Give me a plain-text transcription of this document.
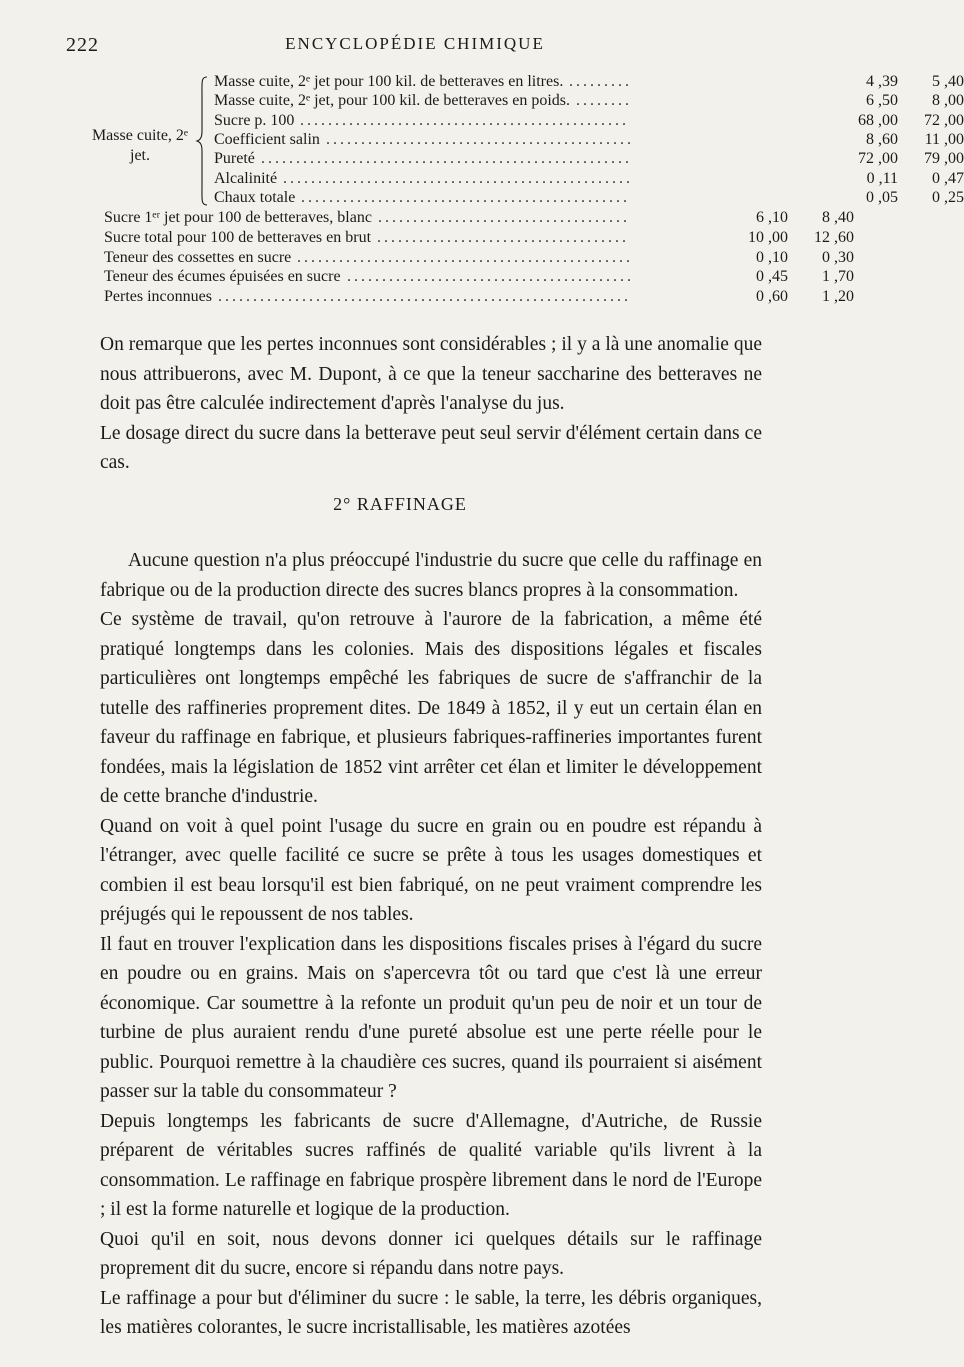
222	ENCYCLOPÉDIE CHIMIQUE
Masse cuite, 2ᵉ jet.
Masse cuite, 2ᵉ jet pour 100 kil. de betteraves en litres. .........	4 ,39	5 ,40
Masse cuite, 2ᵉ jet, pour 100 kil. de betteraves en poids. ........	6 ,50	8 ,00
Sucre p. 100 ...............................................	68 ,00	72 ,00
Coefficient salin ............................................	8 ,60	11 ,00
Pureté .....................................................	72 ,00	79 ,00
Alcalinité ..................................................	0 ,11	0 ,47
Chaux totale ...............................................	0 ,05	0 ,25
Sucre 1ᵉʳ jet pour 100 de betteraves, blanc ....................................	6 ,10	8 ,40
Sucre total pour 100 de betteraves en brut ....................................	10 ,00	12 ,60
Teneur des cossettes en sucre ................................................	0 ,10	0 ,30
Teneur des écumes épuisées en sucre .........................................	0 ,45	1 ,70
Pertes inconnues ...........................................................	0 ,60	1 ,20

On remarque que les pertes inconnues sont considérables ; il y a là une anomalie que nous attribuerons, avec M. Dupont, à ce que la teneur saccharine des betteraves ne doit pas être calculée indirectement d'après l'analyse du jus.

Le dosage direct du sucre dans la betterave peut seul servir d'élément certain dans ce cas.

2° RAFFINAGE

Aucune question n'a plus préoccupé l'industrie du sucre que celle du raffinage en fabrique ou de la production directe des sucres blancs propres à la consommation.

Ce système de travail, qu'on retrouve à l'aurore de la fabrication, a même été pratiqué longtemps dans les colonies. Mais des dispositions légales et fiscales particulières ont longtemps empêché les fabriques de sucre de s'affranchir de la tutelle des raffineries proprement dites. De 1849 à 1852, il y eut un certain élan en faveur du raffinage en fabrique, et plusieurs fabriques-raffineries importantes furent fondées, mais la législation de 1852 vint arrêter cet élan et limiter le développement de cette branche d'industrie.

Quand on voit à quel point l'usage du sucre en grain ou en poudre est répandu à l'étranger, avec quelle facilité ce sucre se prête à tous les usages domestiques et combien il est beau lorsqu'il est bien fabriqué, on ne peut vraiment comprendre les préjugés qui le repoussent de nos tables.

Il faut en trouver l'explication dans les dispositions fiscales prises à l'égard du sucre en poudre ou en grains. Mais on s'apercevra tôt ou tard que c'est là une erreur économique. Car soumettre à la refonte un produit qu'un peu de noir et un tour de turbine de plus auraient rendu d'une pureté absolue est une perte réelle pour le public. Pourquoi remettre à la chaudière ces sucres, quand ils pourraient si aisément passer sur la table du consommateur ?

Depuis longtemps les fabricants de sucre d'Allemagne, d'Autriche, de Russie préparent de véritables sucres raffinés de qualité variable qu'ils livrent à la consommation. Le raffinage en fabrique prospère librement dans le nord de l'Europe ; il est la forme naturelle et logique de la production.

Quoi qu'il en soit, nous devons donner ici quelques détails sur le raffinage proprement dit du sucre, encore si répandu dans notre pays.

Le raffinage a pour but d'éliminer du sucre : le sable, la terre, les débris organiques, les matières colorantes, le sucre incristallisable, les matières azotées
